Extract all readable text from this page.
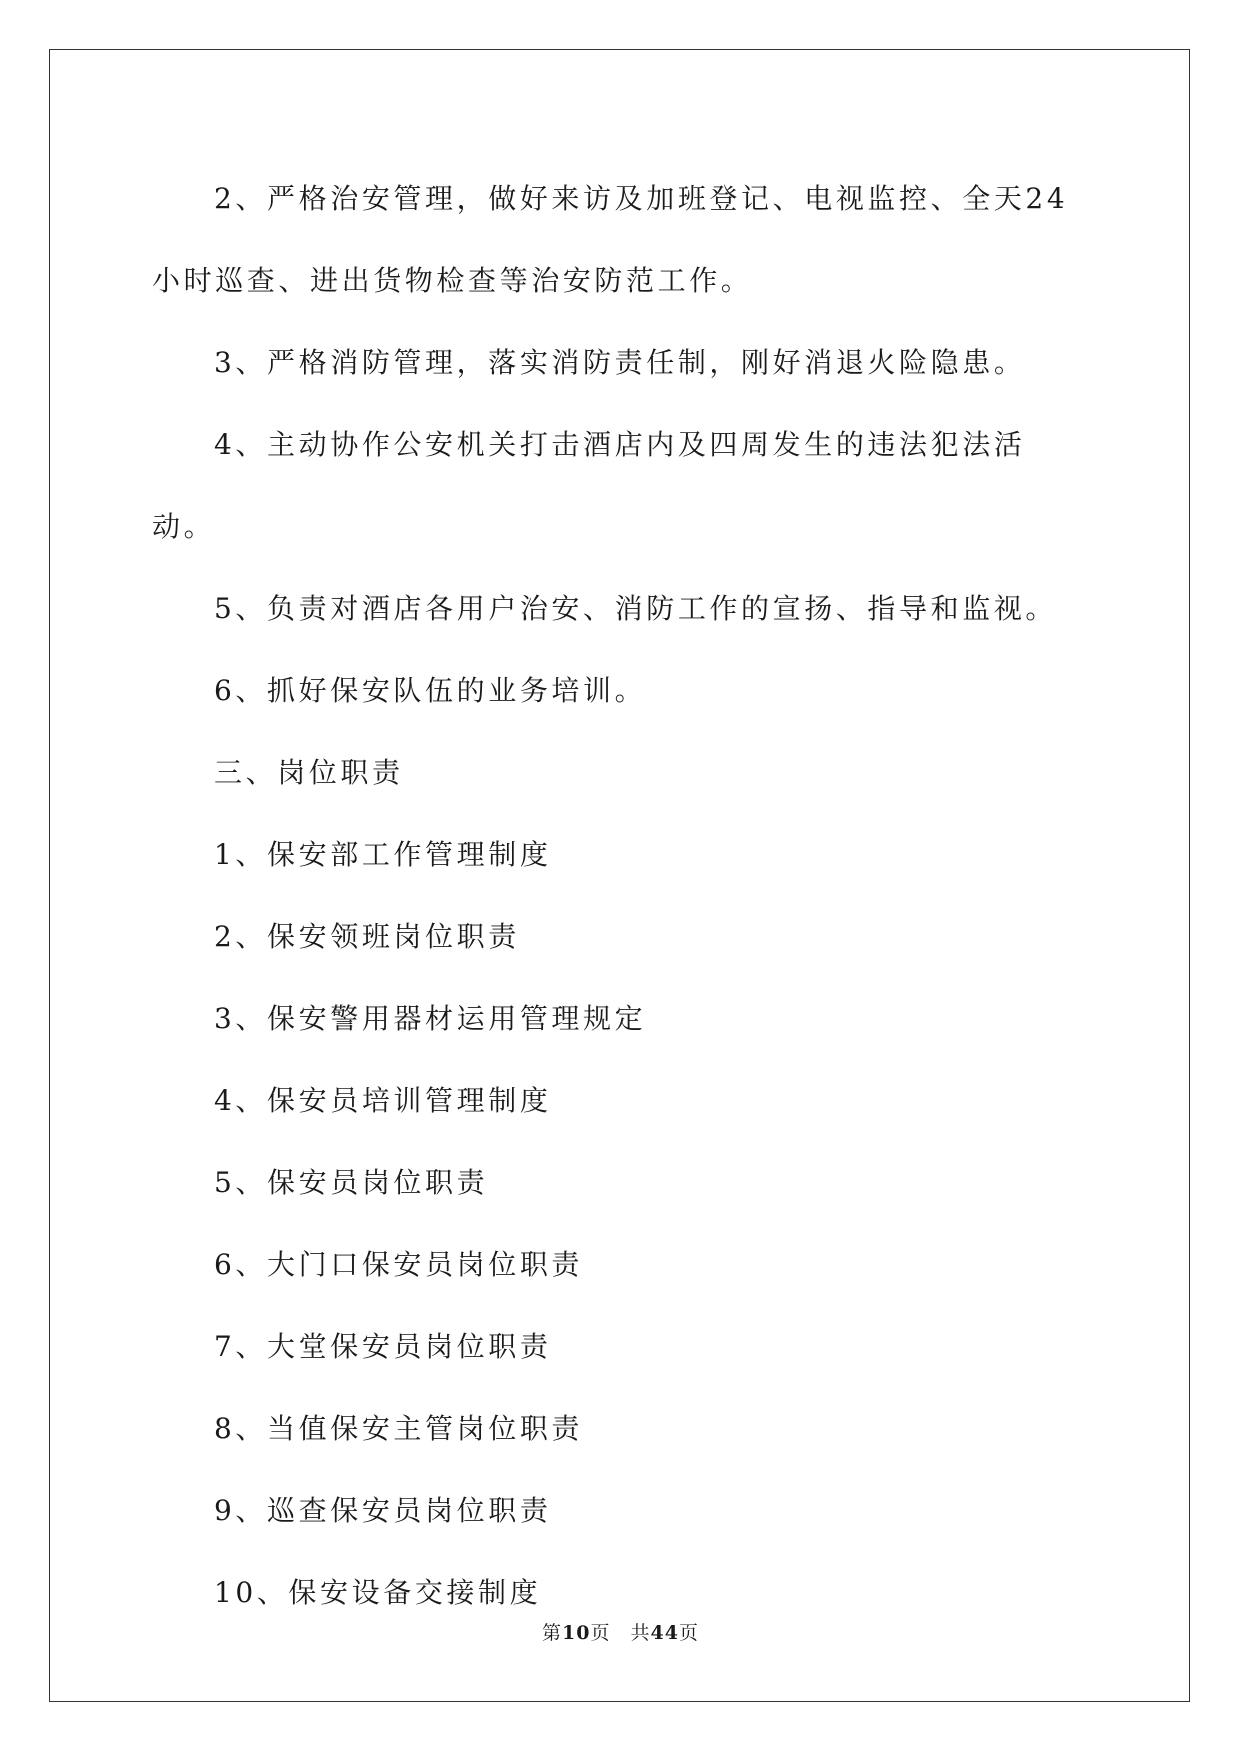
2、严格治安管理，做好来访及加班登记、电视监控、全天24小时巡查、进出货物检查等治安防范工作。

3、严格消防管理，落实消防责任制，刚好消退火险隐患。

4、主动协作公安机关打击酒店内及四周发生的违法犯法活动。

5、负责对酒店各用户治安、消防工作的宣扬、指导和监视。

6、抓好保安队伍的业务培训。

三、岗位职责

1、保安部工作管理制度

2、保安领班岗位职责

3、保安警用器材运用管理规定

4、保安员培训管理制度

5、保安员岗位职责

6、大门口保安员岗位职责

7、大堂保安员岗位职责

8、当值保安主管岗位职责

9、巡查保安员岗位职责

10、保安设备交接制度

第10页 共44页
